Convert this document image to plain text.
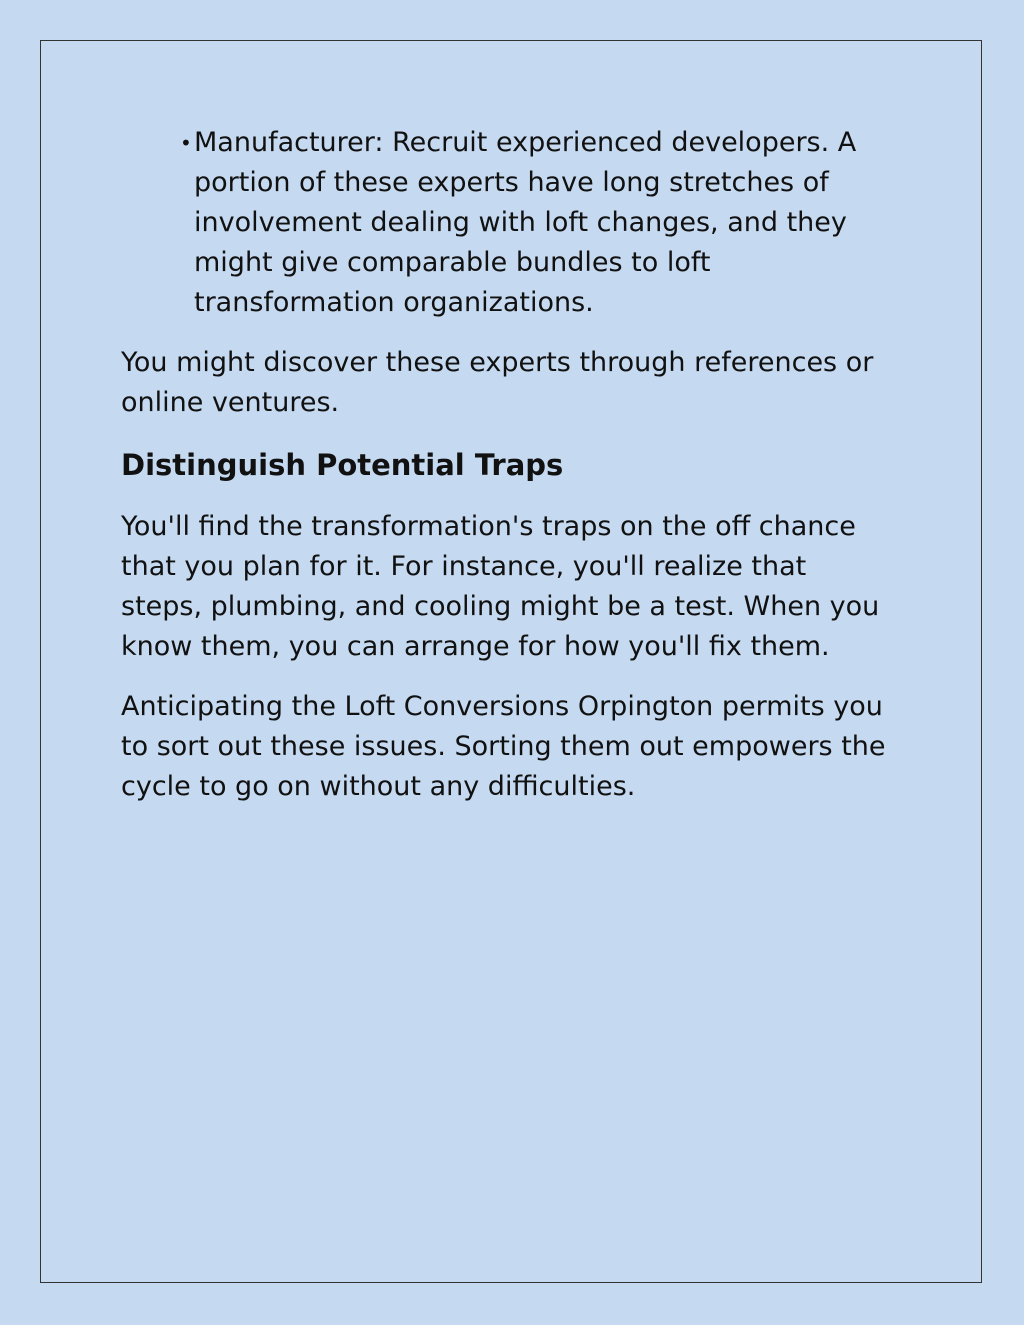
•Manufacturer: Recruit experienced developers. A portion of these experts have long stretches of involvement dealing with loft changes, and they might give comparable bundles to loft transformation organizations.

You might discover these experts through references or online ventures.

Distinguish Potential Traps

You'll find the transformation's traps on the off chance that you plan for it. For instance, you'll realize that steps, plumbing, and cooling might be a test. When you know them, you can arrange for how you'll fix them.

Anticipating the Loft Conversions Orpington permits you to sort out these issues. Sorting them out empowers the cycle to go on without any difficulties.
